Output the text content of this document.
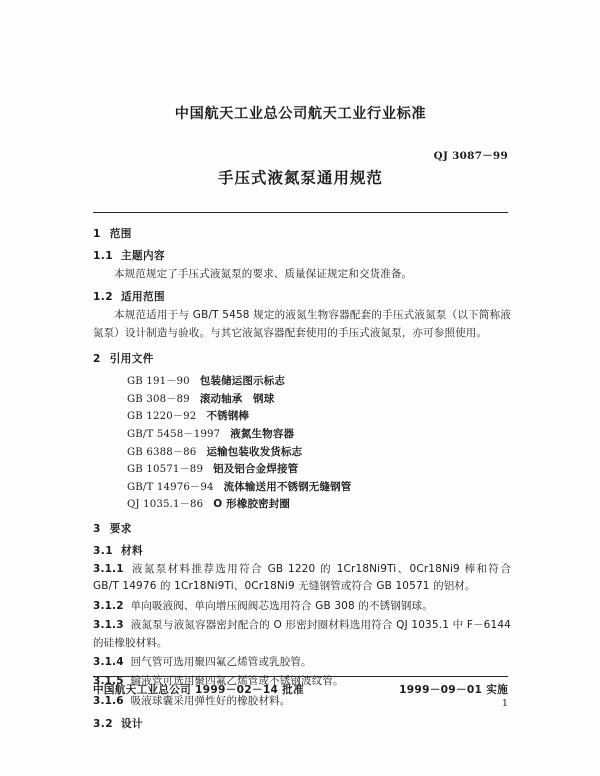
中国航天工业总公司航天工业行业标准
QJ 3087－99
手压式液氮泵通用规范
1 范围
1.1 主题内容

本规范规定了手压式液氮泵的要求、质量保证规定和交货准备。

1.2 适用范围

本规范适用于与 GB/T 5458 规定的液氮生物容器配套的手压式液氮泵（以下简称液氮泵）设计制造与验收。与其它液氮容器配套使用的手压式液氮泵，亦可参照使用。

2 引用文件
GB 191－90 包装储运图示标志
GB 308－89 滚动轴承　钢球
GB 1220－92 不锈钢棒
GB/T 5458－1997 液氮生物容器
GB 6388－86 运输包装收发货标志
GB 10571－89 铝及铝合金焊接管
GB/T 14976－94 流体输送用不锈钢无缝钢管
QJ 1035.1－86 O 形橡胶密封圈
3 要求
3.1 材料

3.1.1 液氮泵材料推荐选用符合 GB 1220 的 1Cr18Ni9Ti、0Cr18Ni9 棒和符合 GB/T 14976 的 1Cr18Ni9Ti、0Cr18Ni9 无缝钢管或符合 GB 10571 的铝材。

3.1.2 单向吸液阀、单向增压阀阀芯选用符合 GB 308 的不锈钢钢球。

3.1.3 液氮泵与液氮容器密封配合的 O 形密封圈材料选用符合 QJ 1035.1 中 F－6144 的硅橡胶材料。

3.1.4 回气管可选用聚四氟乙烯管或乳胶管。

3.1.5 输液管可选用聚四氟乙烯管或不锈钢波纹管。

3.1.6 吸液球囊采用弹性好的橡胶材料。

3.2 设计
中国航天工业总公司 1999－02－14 批准	1999－09－01 实施
1
